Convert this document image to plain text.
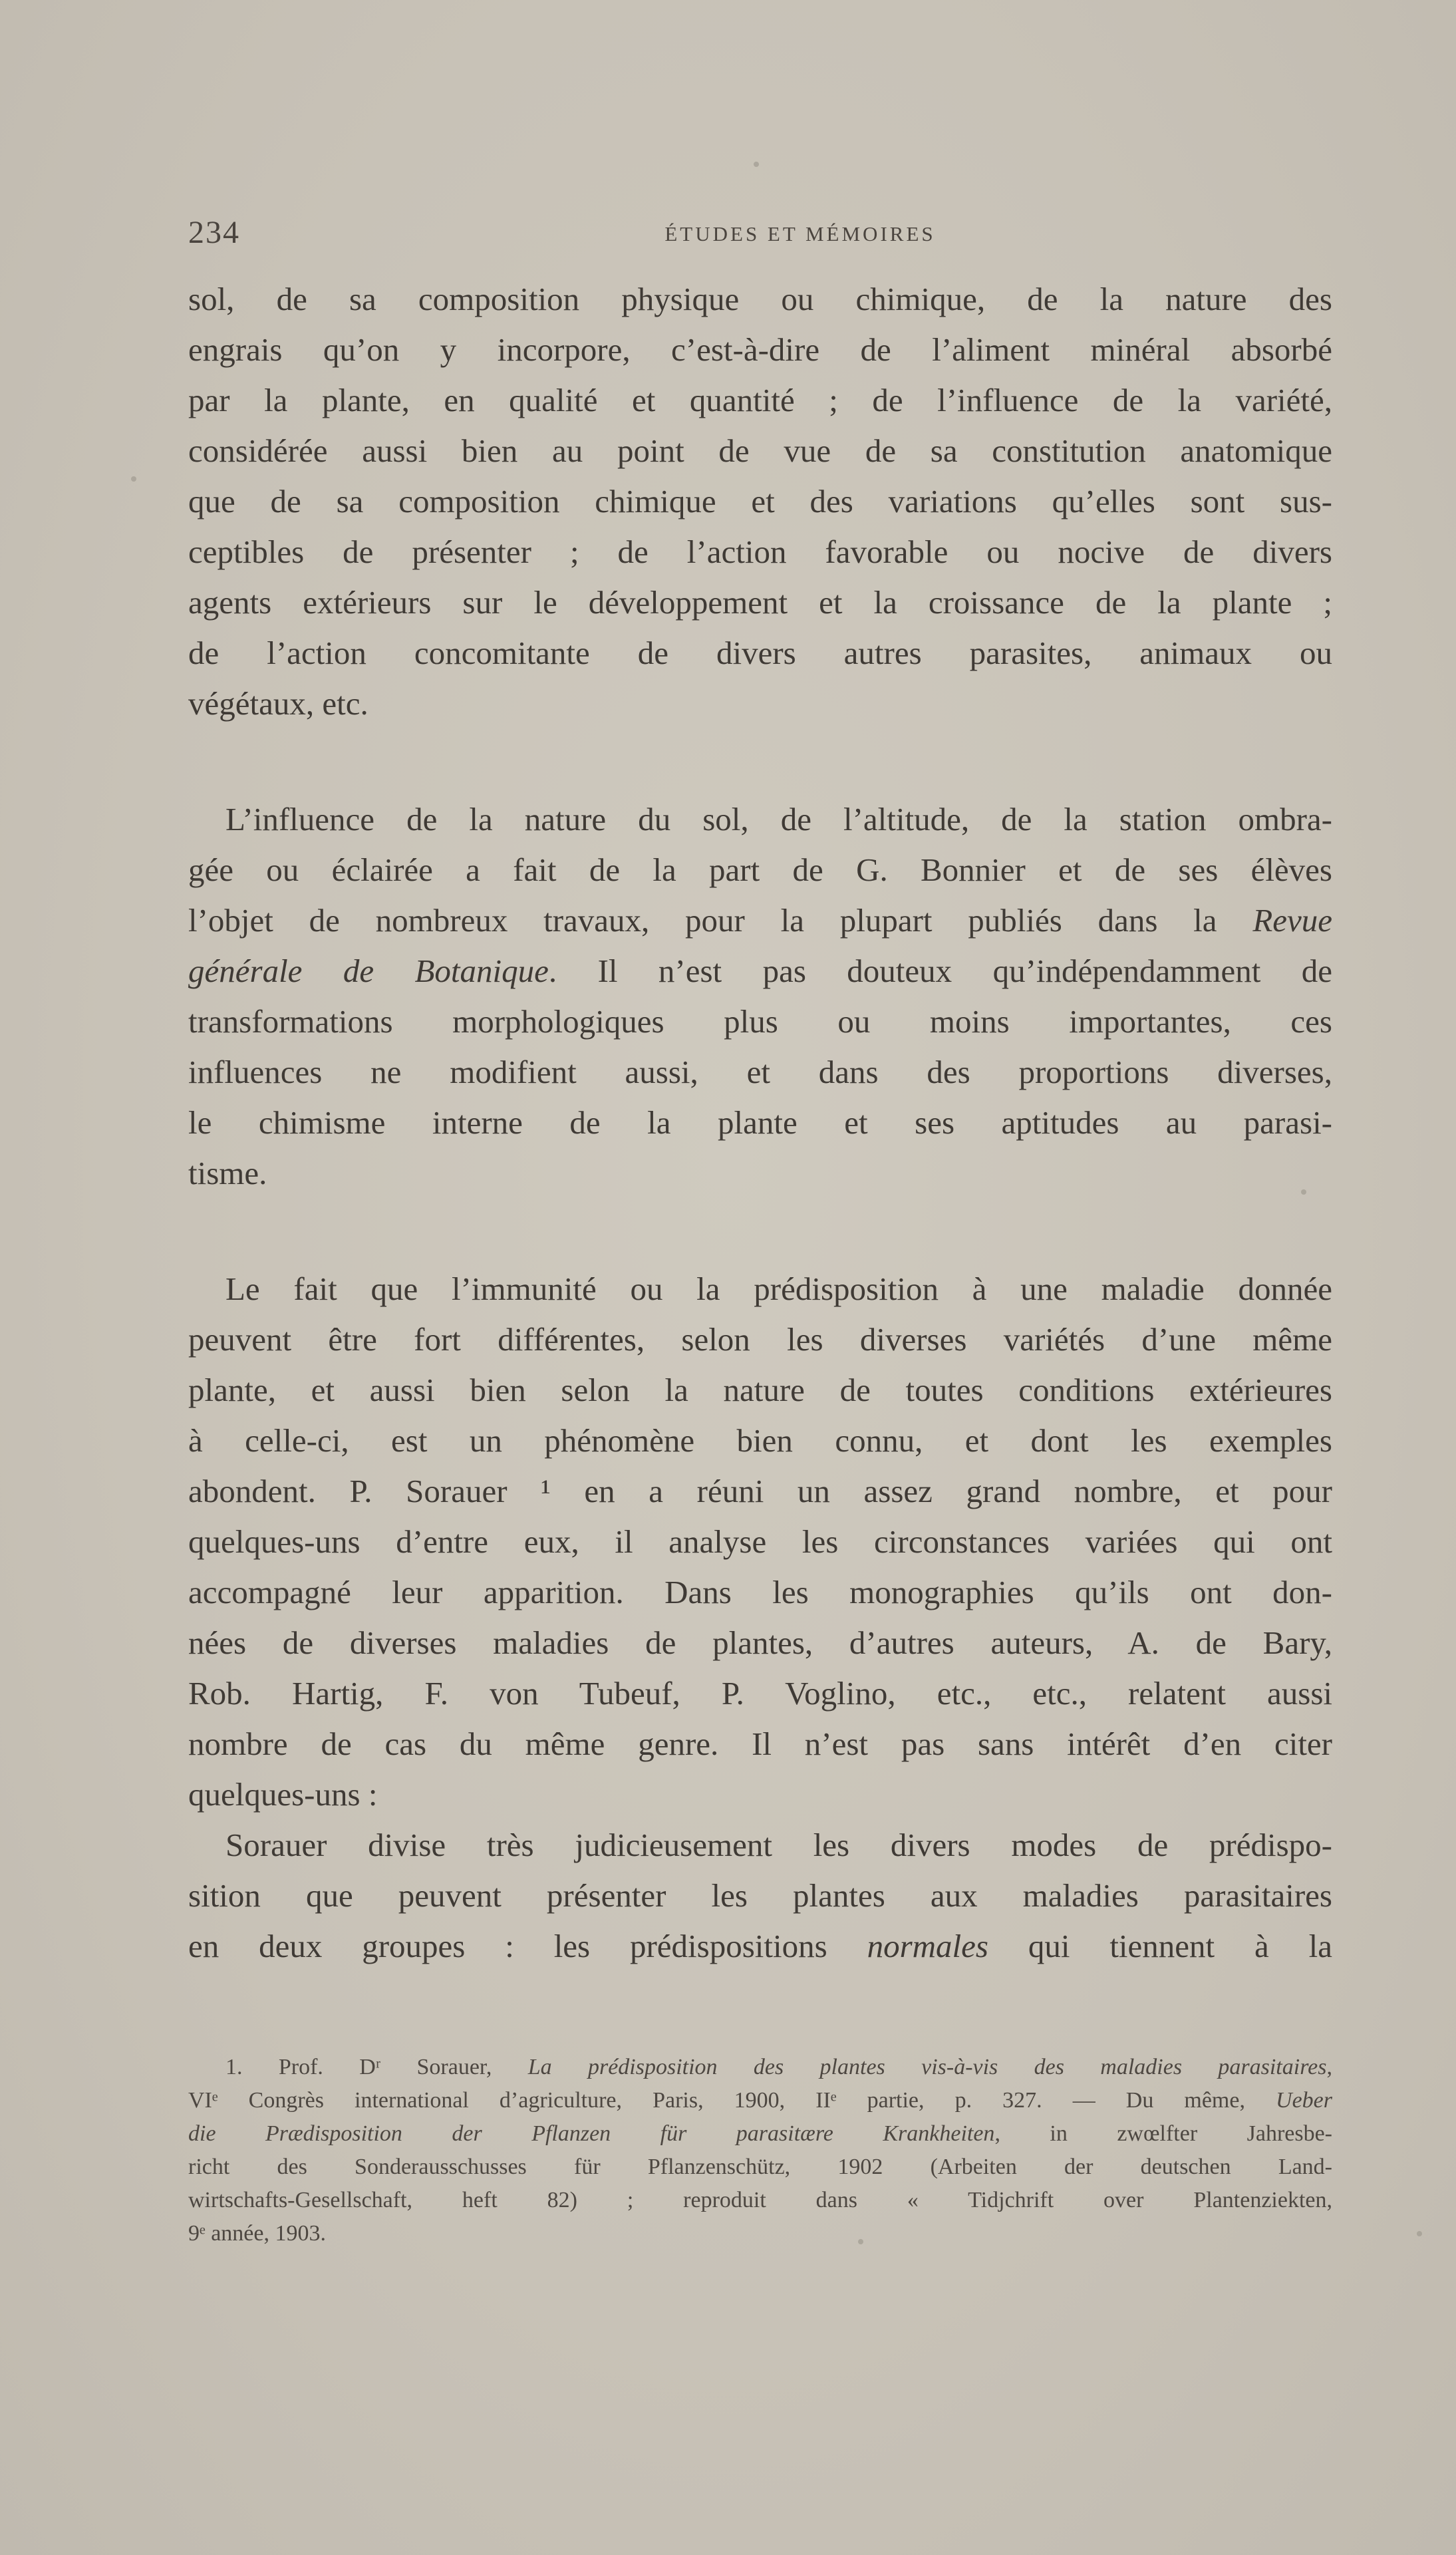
234	ÉTUDES ET MÉMOIRES
sol, de sa composition physique ou chimique, de la nature des
engrais qu’on y incorpore, c’est-à-dire de l’aliment minéral absorbé
par la plante, en qualité et quantité ; de l’influence de la variété,
considérée aussi bien au point de vue de sa constitution anatomique
que de sa composition chimique et des variations qu’elles sont sus-
ceptibles de présenter ; de l’action favorable ou nocive de divers
agents extérieurs sur le développement et la croissance de la plante ;
de l’action concomitante de divers autres parasites, animaux ou
végétaux, etc.
L’influence de la nature du sol, de l’altitude, de la station ombra-
gée ou éclairée a fait de la part de G. Bonnier et de ses élèves
l’objet de nombreux travaux, pour la plupart publiés dans la Revue
générale de Botanique. Il n’est pas douteux qu’indépendamment de
transformations morphologiques plus ou moins importantes, ces
influences ne modifient aussi, et dans des proportions diverses,
le chimisme interne de la plante et ses aptitudes au parasi-
tisme.
Le fait que l’immunité ou la prédisposition à une maladie donnée
peuvent être fort différentes, selon les diverses variétés d’une même
plante, et aussi bien selon la nature de toutes conditions extérieures
à celle-ci, est un phénomène bien connu, et dont les exemples
abondent. P. Sorauer ¹ en a réuni un assez grand nombre, et pour
quelques-uns d’entre eux, il analyse les circonstances variées qui ont
accompagné leur apparition. Dans les monographies qu’ils ont don-
nées de diverses maladies de plantes, d’autres auteurs, A. de Bary,
Rob. Hartig, F. von Tubeuf, P. Voglino, etc., etc., relatent aussi
nombre de cas du même genre. Il n’est pas sans intérêt d’en citer
quelques-uns :
Sorauer divise très judicieusement les divers modes de prédispo-
sition que peuvent présenter les plantes aux maladies parasitaires
en deux groupes : les prédispositions normales qui tiennent à la
1. Prof. Dʳ Sorauer, La prédisposition des plantes vis-à-vis des maladies parasitaires,
VIᵉ Congrès international d’agriculture, Paris, 1900, IIᵉ partie, p. 327. — Du même, Ueber
die Prædisposition der Pflanzen für parasitære Krankheiten, in zwœlfter Jahresbe-
richt des Sonderausschusses für Pflanzenschütz, 1902 (Arbeiten der deutschen Land-
wirtschafts-Gesellschaft, heft 82) ; reproduit dans « Tidjchrift over Plantenziekten,
9ᵉ année, 1903.
